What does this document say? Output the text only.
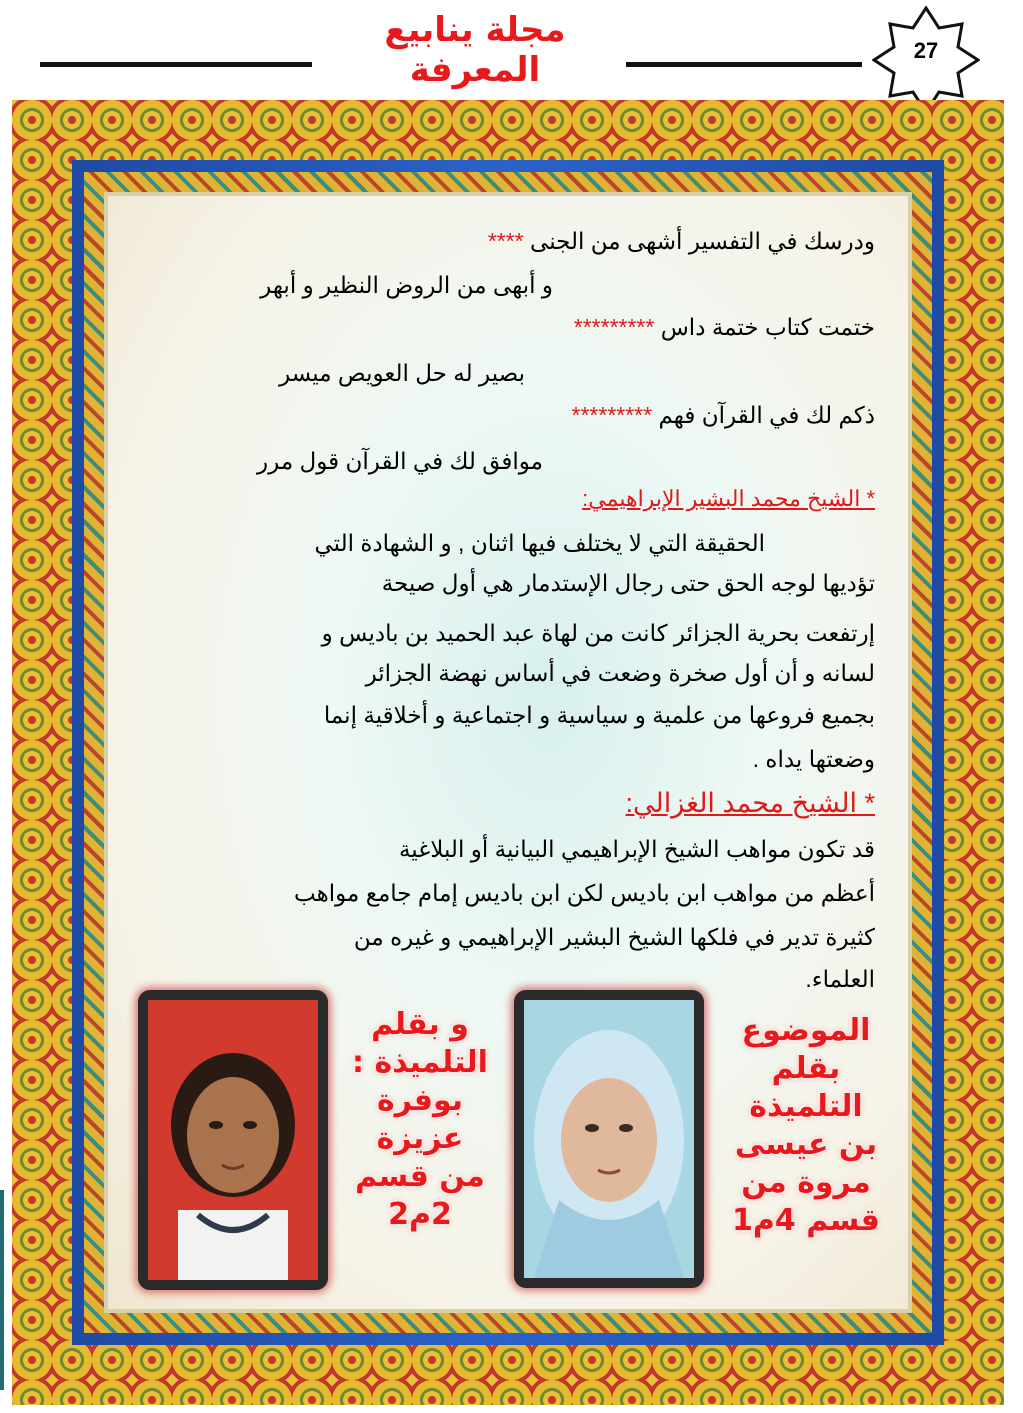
مجلة ينابيع المعرفة	27
ودرسك في التفسير أشهى من الجنى ****
و أبهى من الروض النظير و أبهر
ختمت كتاب ختمة داس *********
بصير له حل العويص ميسر
ذكم لك في القرآن فهم *********
موافق لك في القرآن قول مرر
* الشيخ محمد البشير الإبراهيمي:
الحقيقة التي لا يختلف فيها اثنان , و الشهادة التي
تؤديها لوجه الحق حتى رجال الإستدمار هي أول صيحة
إرتفعت بحرية الجزائر كانت من لهاة عبد الحميد بن باديس و
لسانه و أن أول صخرة وضعت في أساس نهضة الجزائر
بجميع فروعها من علمية و سياسية و اجتماعية و أخلاقية إنما
وضعتها يداه .
* الشيخ محمد الغزالي:
قد تكون مواهب الشيخ الإبراهيمي البيانية أو البلاغية
أعظم من مواهب ابن باديس لكن ابن باديس إمام جامع مواهب
كثيرة تدير في فلكها الشيخ البشير الإبراهيمي و غيره من
العلماء.
الموضوع
بقلم
التلميذة
بن عيسى
مروة من
قسم 4م1
و بقلم
التلميذة :
بوفرة
عزيزة
من قسم
2م2
